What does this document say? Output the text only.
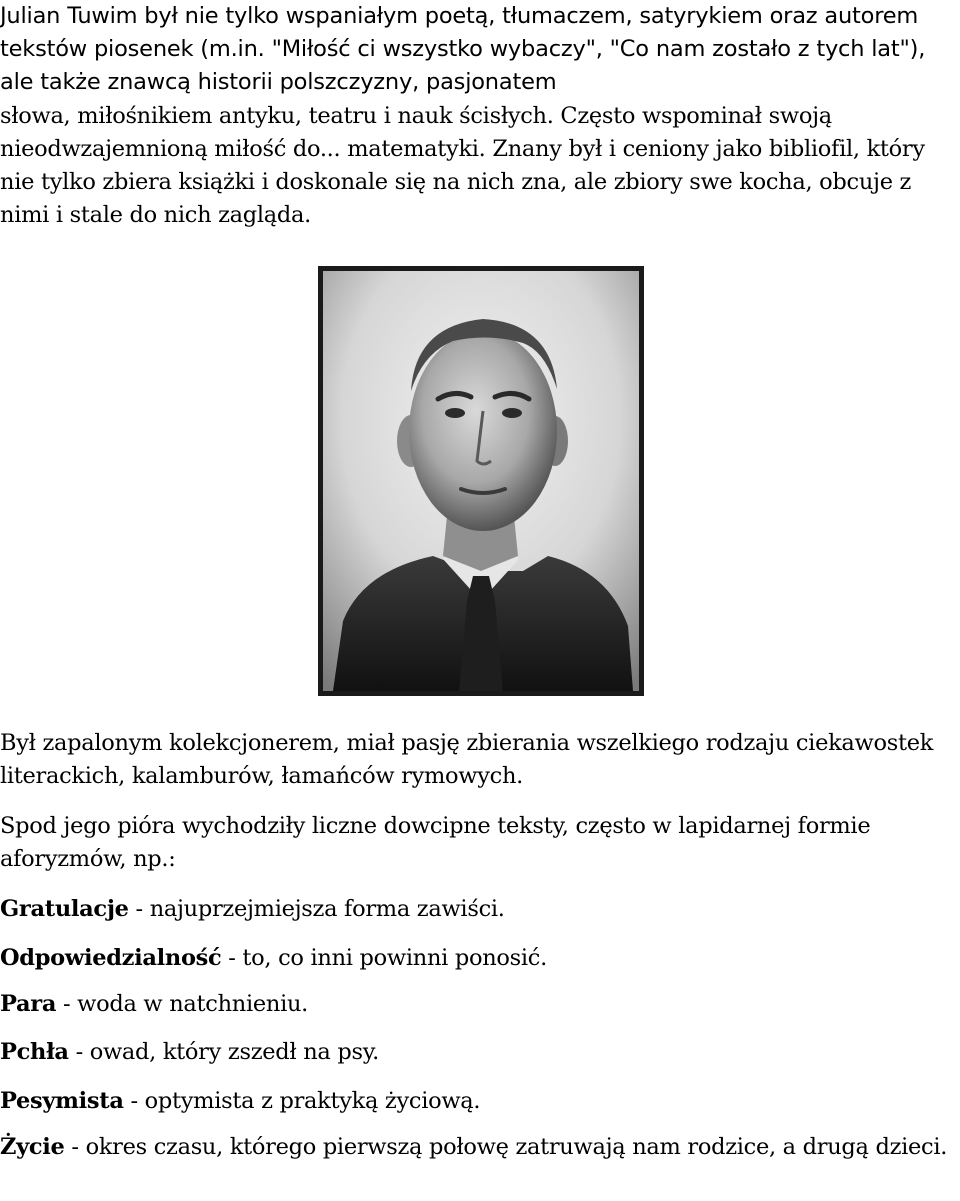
Julian Tuwim był nie tylko wspaniałym poetą, tłumaczem, satyrykiem oraz autorem tekstów piosenek (m.in. "Miłość ci wszystko wybaczy", "Co nam zostało z tych lat"), ale także znawcą historii polszczyzny, pasjonatem
słowa, miłośnikiem antyku, teatru i nauk ścisłych. Często wspominał swoją nieodwzajemnioną miłość do... matematyki. Znany był i ceniony jako bibliofil, który nie tylko zbiera książki i doskonale się na nich zna, ale zbiory swe kocha, obcuje z nimi i stale do nich zagląda.

Był zapalonym kolekcjonerem, miał pasję zbierania wszelkiego rodzaju ciekawostek literackich, kalamburów, łamańców rymowych.

Spod jego pióra wychodziły liczne dowcipne teksty, często w lapidarnej formie aforyzmów, np.:

Gratulacje - najuprzejmiejsza forma zawiści.

Odpowiedzialność - to, co inni powinni ponosić.

Para - woda w natchnieniu.

Pchła - owad, który zszedł na psy.

Pesymista - optymista z praktyką życiową.

Życie - okres czasu, którego pierwszą połowę zatruwają nam rodzice, a drugą dzieci.
